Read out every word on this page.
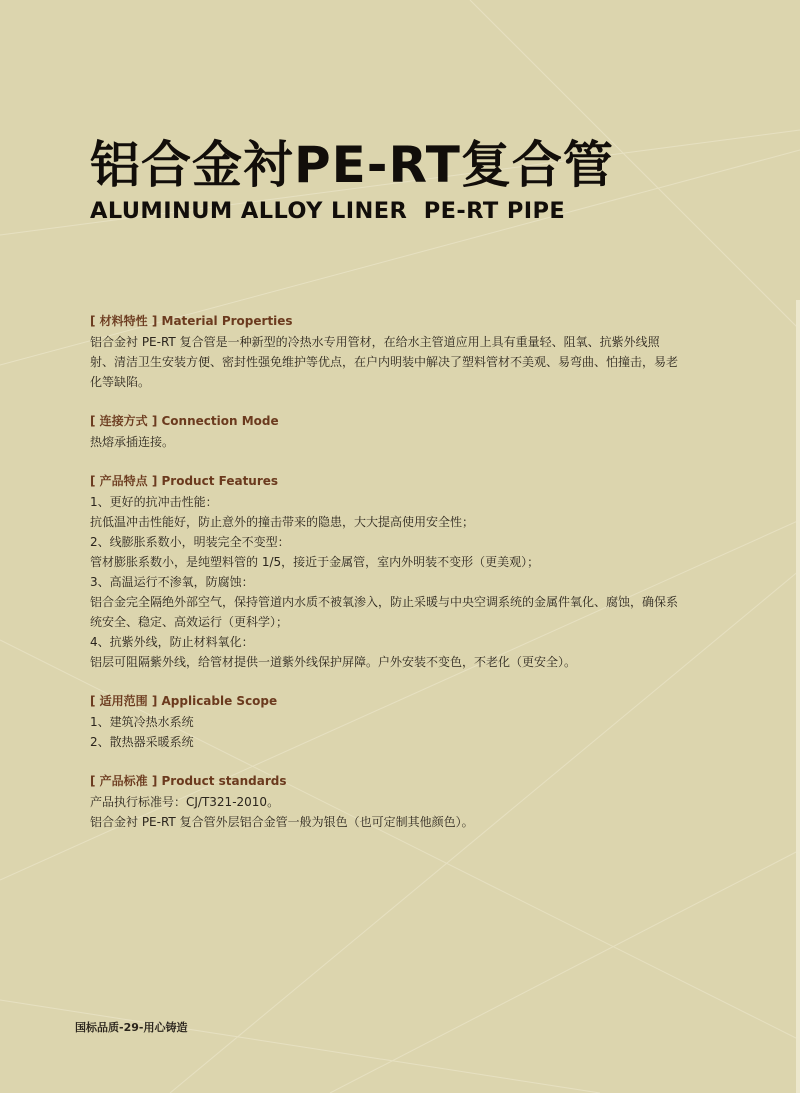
铝合金衬PE-RT复合管
ALUMINUM ALLOY LINER  PE-RT PIPE
[ 材料特性 ] Material Properties

铝合金衬 PE-RT 复合管是一种新型的冷热水专用管材，在给水主管道应用上具有重量轻、阻氧、抗紫外线照射、清洁卫生安装方便、密封性强免维护等优点，在户内明装中解决了塑料管材不美观、易弯曲、怕撞击，易老化等缺陷。

[ 连接方式 ] Connection Mode

热熔承插连接。

[ 产品特点 ] Product Features

1、更好的抗冲击性能：

抗低温冲击性能好，防止意外的撞击带来的隐患，大大提高使用安全性；

2、线膨胀系数小，明装完全不变型：

管材膨胀系数小，是纯塑料管的 1/5，接近于金属管，室内外明装不变形（更美观）；

3、高温运行不渗氧，防腐蚀：

铝合金完全隔绝外部空气，保持管道内水质不被氧渗入，防止采暖与中央空调系统的金属件氧化、腐蚀，确保系统安全、稳定、高效运行（更科学）；

4、抗紫外线，防止材料氧化：

铝层可阻隔紫外线，给管材提供一道紫外线保护屏障。户外安装不变色，不老化（更安全）。

[ 适用范围 ] Applicable Scope

1、建筑冷热水系统

2、散热器采暖系统

[ 产品标准 ] Product standards

产品执行标准号：CJ/T321-2010。

铝合金衬 PE-RT 复合管外层铝合金管一般为银色（也可定制其他颜色）。

国标品质-29-用心铸造
